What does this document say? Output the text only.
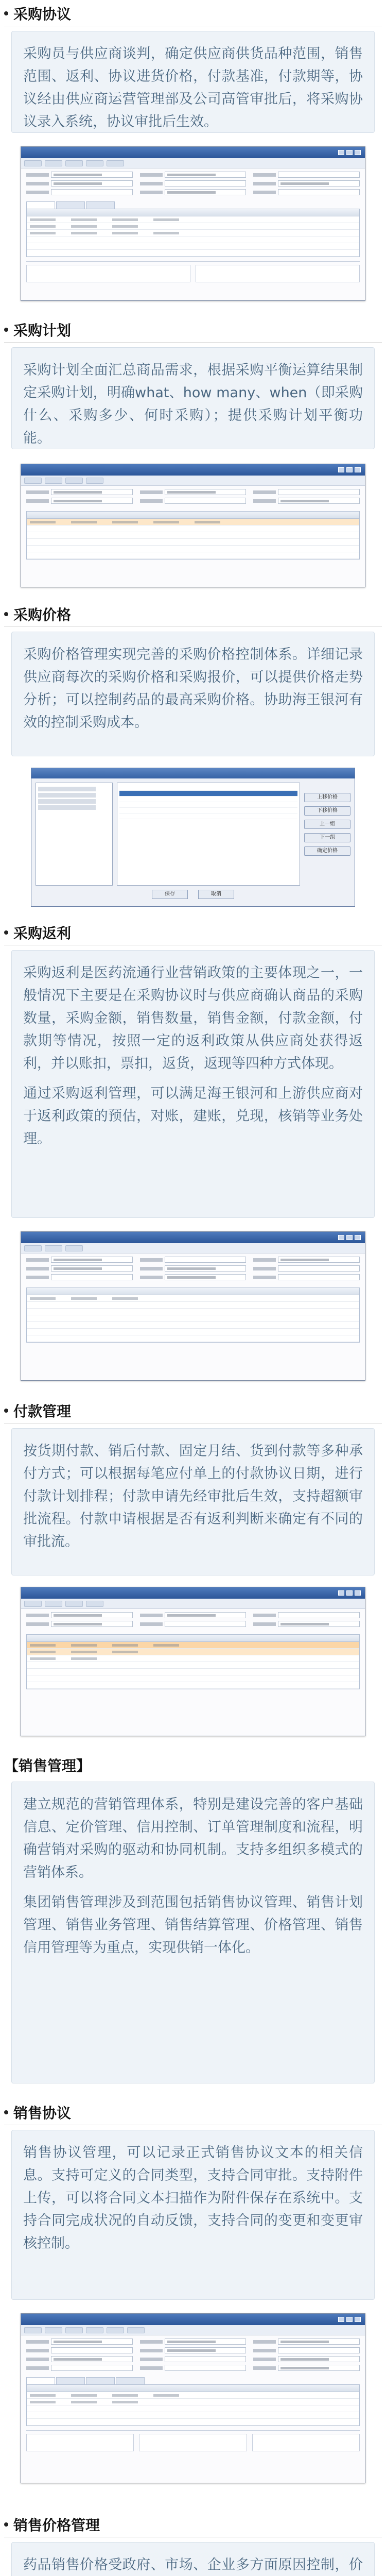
采购协议

采购员与供应商谈判，确定供应商供货品种范围，销售范围、返利、协议进货价格，付款基准，付款期等，协议经由供应商运营管理部及公司高管审批后，将采购协议录入系统，协议审批后生效。

采购计划

采购计划全面汇总商品需求，根据采购平衡运算结果制定采购计划，明确what、how many、when（即采购什么、采购多少、何时采购）；提供采购计划平衡功能。

采购价格

采购价格管理实现完善的采购价格控制体系。详细记录供应商每次的采购价格和采购报价，可以提供价格走势分析；可以控制药品的最高采购价格。协助海王银河有效的控制采购成本。

上移价格
下移价格
上一组
下一组
确定价格
保存	取消
采购返利

采购返利是医药流通行业营销政策的主要体现之一，一般情况下主要是在采购协议时与供应商确认商品的采购数量，采购金额，销售数量，销售金额，付款金额，付款期等情况，按照一定的返利政策从供应商处获得返利，并以账扣，票扣，返货，返现等四种方式体现。

通过采购返利管理，可以满足海王银河和上游供应商对于返利政策的预估，对账，建账，兑现，核销等业务处理。

付款管理

按货期付款、销后付款、固定月结、货到付款等多种承付方式；可以根据每笔应付单上的付款协议日期，进行付款计划排程；付款申请先经审批后生效，支持超额审批流程。付款申请根据是否有返利判断来确定有不同的审批流。

【销售管理】

建立规范的营销管理体系，特别是建设完善的客户基础信息、定价管理、信用控制、订单管理制度和流程，明确营销对采购的驱动和协同机制。支持多组织多模式的营销体系。

集团销售管理涉及到范围包括销售协议管理、销售计划管理、销售业务管理、销售结算管理、价格管理、销售信用管理等为重点，实现供销一体化。

销售协议

销售协议管理，可以记录正式销售协议文本的相关信息。支持可定义的合同类型，支持合同审批。支持附件上传，可以将合同文本扫描作为附件保存在系统中。支持合同完成状况的自动反馈，支持合同的变更和变更审核控制。

销售价格管理

药品销售价格受政府、市场、企业多方面原因控制，价
